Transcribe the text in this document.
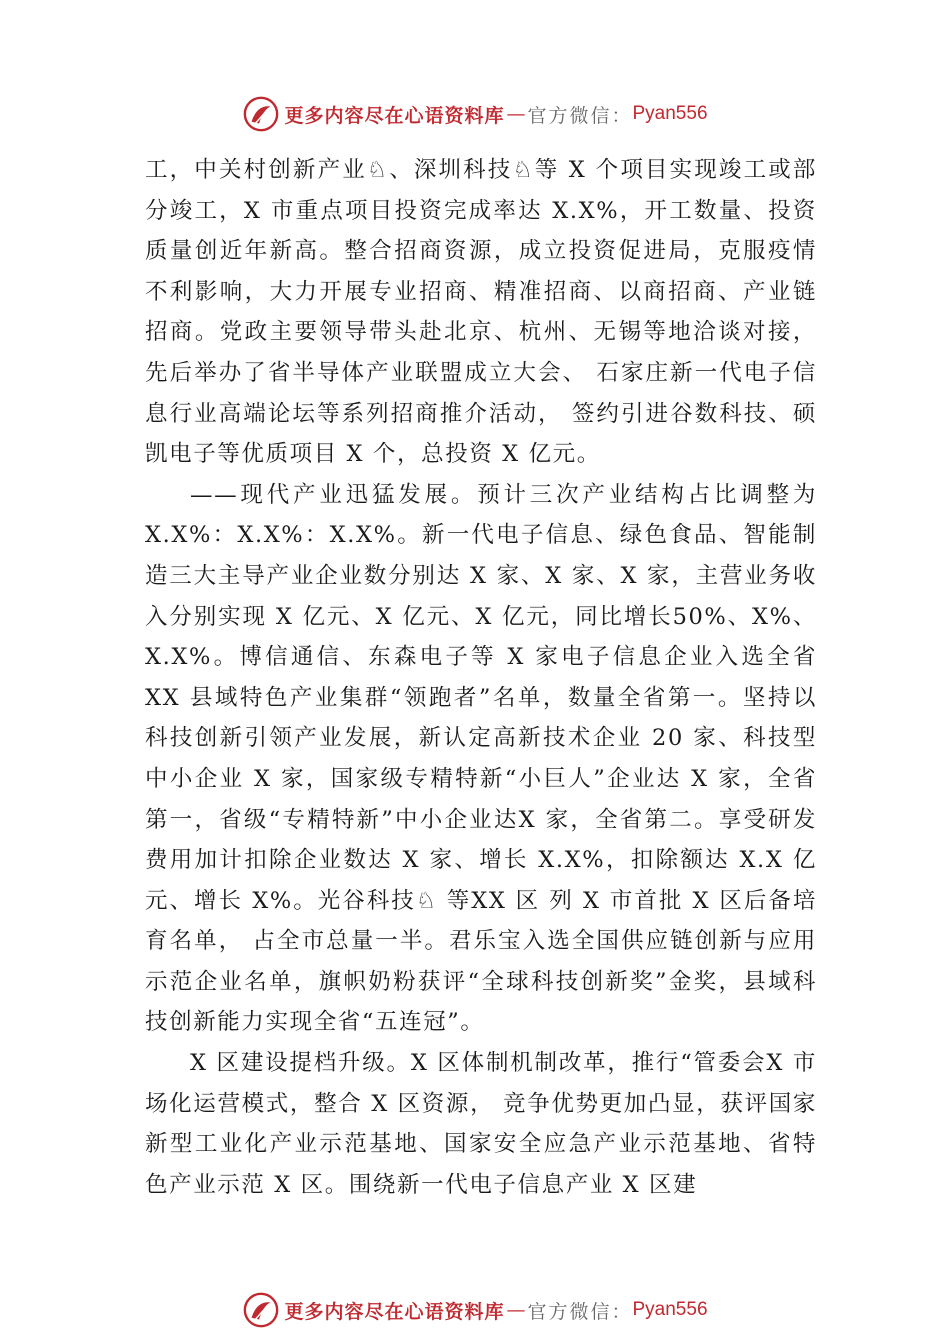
更多内容尽在心语资料库 — 官方微信： Pyan556

工，中关村创新产业♘、深圳科技♘等 X 个项目实现竣工或部分竣工，X 市重点项目投资完成率达 X.X%，开工数量、投资质量创近年新高。整合招商资源，成立投资促进局，克服疫情不利影响，大力开展专业招商、精准招商、以商招商、产业链招商。党政主要领导带头赴北京、杭州、无锡等地洽谈对接，先后举办了省半导体产业联盟成立大会、 石家庄新一代电子信息行业高端论坛等系列招商推介活动， 签约引进谷数科技、硕凯电子等优质项目 X 个，总投资 X 亿元。

——现代产业迅猛发展。预计三次产业结构占比调整为X.X%：X.X%：X.X%。新一代电子信息、绿色食品、智能制造三大主导产业企业数分别达 X 家、X 家、X 家，主营业务收入分别实现 X 亿元、X 亿元、X 亿元，同比增长50%、X%、X.X%。博信通信、东森电子等 X 家电子信息企业入选全省 XX 县域特色产业集群“领跑者”名单，数量全省第一。坚持以科技创新引领产业发展，新认定高新技术企业 20 家、科技型中小企业 X 家，国家级专精特新“小巨人”企业达 X 家，全省第一，省级“专精特新”中小企业达X 家，全省第二。享受研发费用加计扣除企业数达 X 家、增长 X.X%，扣除额达 X.X 亿元、增长 X%。光谷科技♘ 等XX 区 列 X 市首批 X 区后备培育名单， 占全市总量一半。君乐宝入选全国供应链创新与应用示范企业名单，旗帜奶粉获评“全球科技创新奖”金奖，县域科技创新能力实现全省“五连冠”。

X 区建设提档升级。X 区体制机制改革，推行“管委会X 市场化运营模式，整合 X 区资源， 竞争优势更加凸显，获评国家新型工业化产业示范基地、国家安全应急产业示范基地、省特色产业示范 X 区。围绕新一代电子信息产业 X 区建

更多内容尽在心语资料库 — 官方微信： Pyan556
